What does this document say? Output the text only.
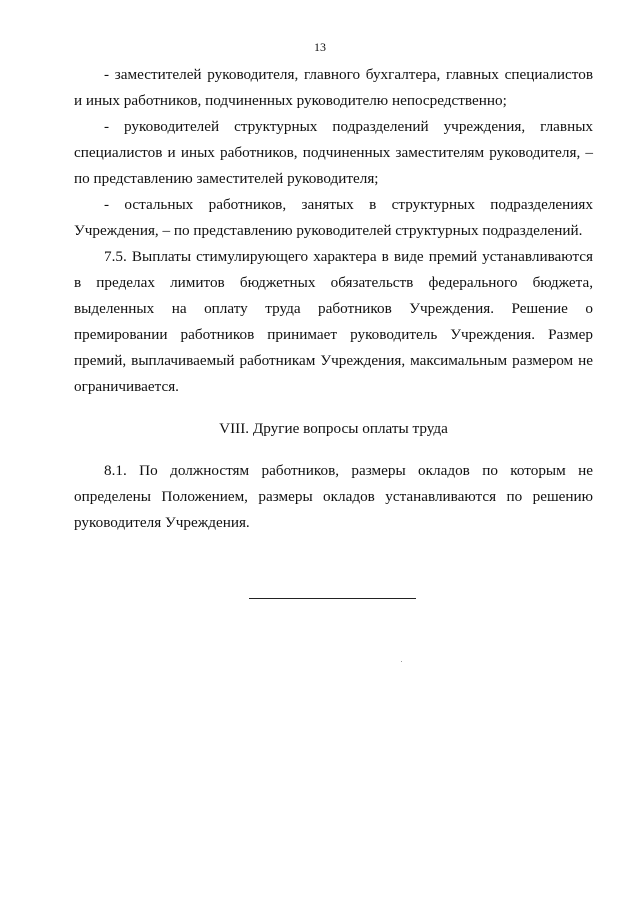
13

- заместителей руководителя, главного бухгалтера, главных специалистов и иных работников, подчиненных руководителю непосредственно;

- руководителей структурных подразделений учреждения, главных специалистов и иных работников, подчиненных заместителям руководителя, – по представлению заместителей руководителя;

- остальных работников, занятых в структурных подразделениях Учреждения, – по представлению руководителей структурных подразделений.

7.5. Выплаты стимулирующего характера в виде премий устанавливаются в пределах лимитов бюджетных обязательств федерального бюджета, выделенных на оплату труда работников Учреждения. Решение о премировании работников принимает руководитель Учреждения. Размер премий, выплачиваемый работникам Учреждения, максимальным размером не ограничивается.

VIII. Другие вопросы оплаты труда

8.1. По должностям работников, размеры окладов по которым не определены Положением, размеры окладов устанавливаются по решению руководителя Учреждения.
